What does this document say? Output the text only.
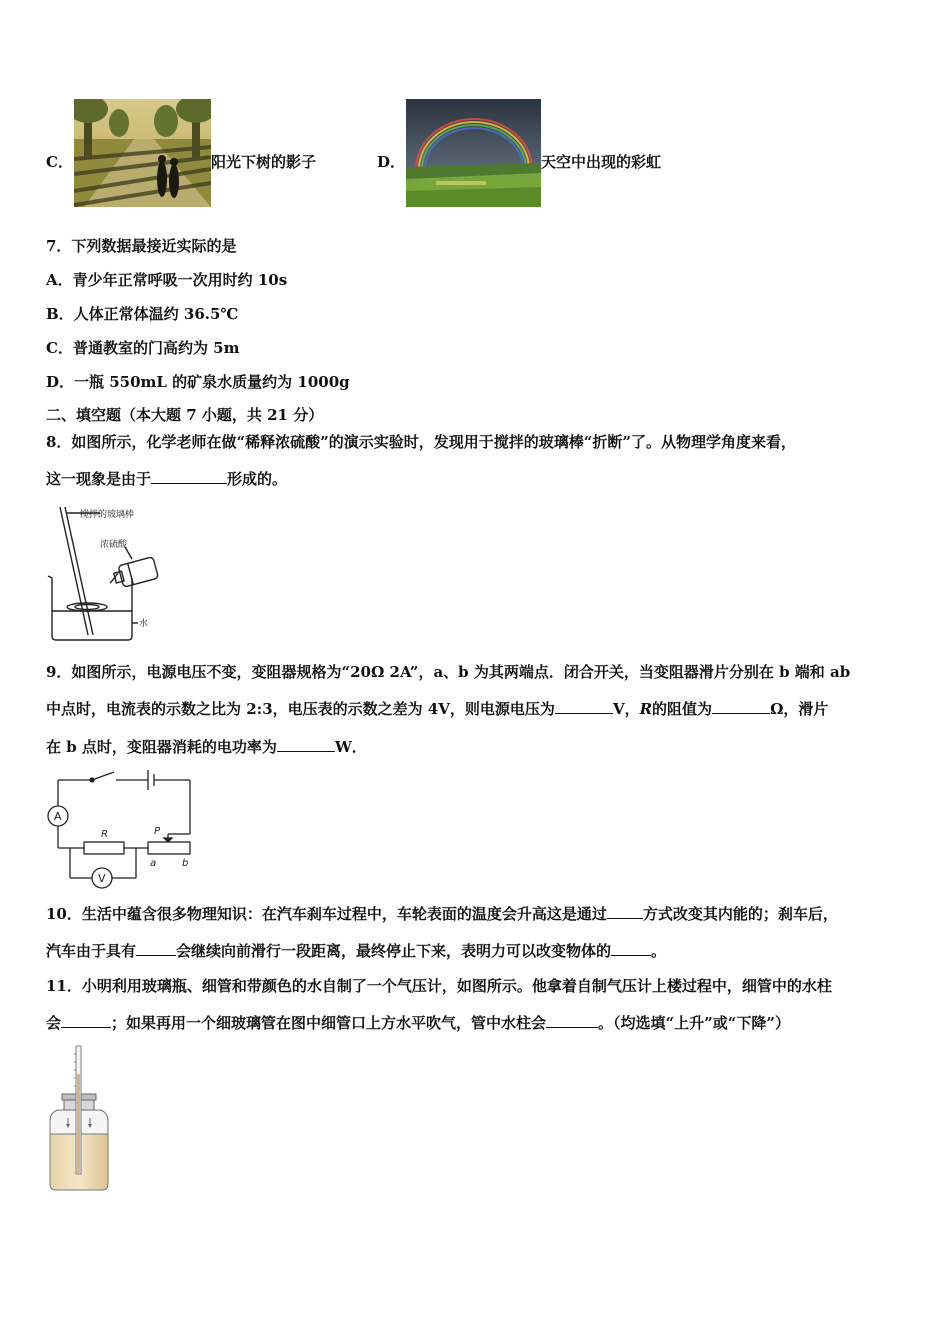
C．	阳光下树的影子	D．	天空中出现的彩虹
7．下列数据最接近实际的是
A．青少年正常呼吸一次用时约 10s
B．人体正常体温约 36.5℃
C．普通教室的门高约为 5m
D．一瓶 550mL 的矿泉水质量约为 1000g
二、填空题（本大题 7 小题，共 21 分）
8．如图所示，化学老师在做“稀释浓硫酸”的演示实验时，发现用于搅拌的玻璃棒“折断”了。从物理学角度来看，
这一现象是由于	形成的。
搅拌的玻璃棒
浓硫酸
水
9．如图所示，电源电压不变，变阻器规格为“20Ω 2A”，a、b 为其两端点．闭合开关，当变阻器滑片分别在 b 端和 ab
中点时，电流表的示数之比为 2:3，电压表的示数之差为 4V，则电源电压为	V，R的阻值为	Ω，滑片
在 b 点时，变阻器消耗的电功率为	W．
A
V
R	P
a	b
10．生活中蕴含很多物理知识：在汽车刹车过程中，车轮表面的温度会升高这是通过 方式改变其内能的；刹车后，
汽车由于具有	会继续向前滑行一段距离，最终停止下来，表明力可以改变物体的	。
11．小明利用玻璃瓶、细管和带颜色的水自制了一个气压计，如图所示。他拿着自制气压计上楼过程中，细管中的水柱
会	；如果再用一个细玻璃管在图中细管口上方水平吹气，管中水柱会	。（均选填“上升”或“下降”）
